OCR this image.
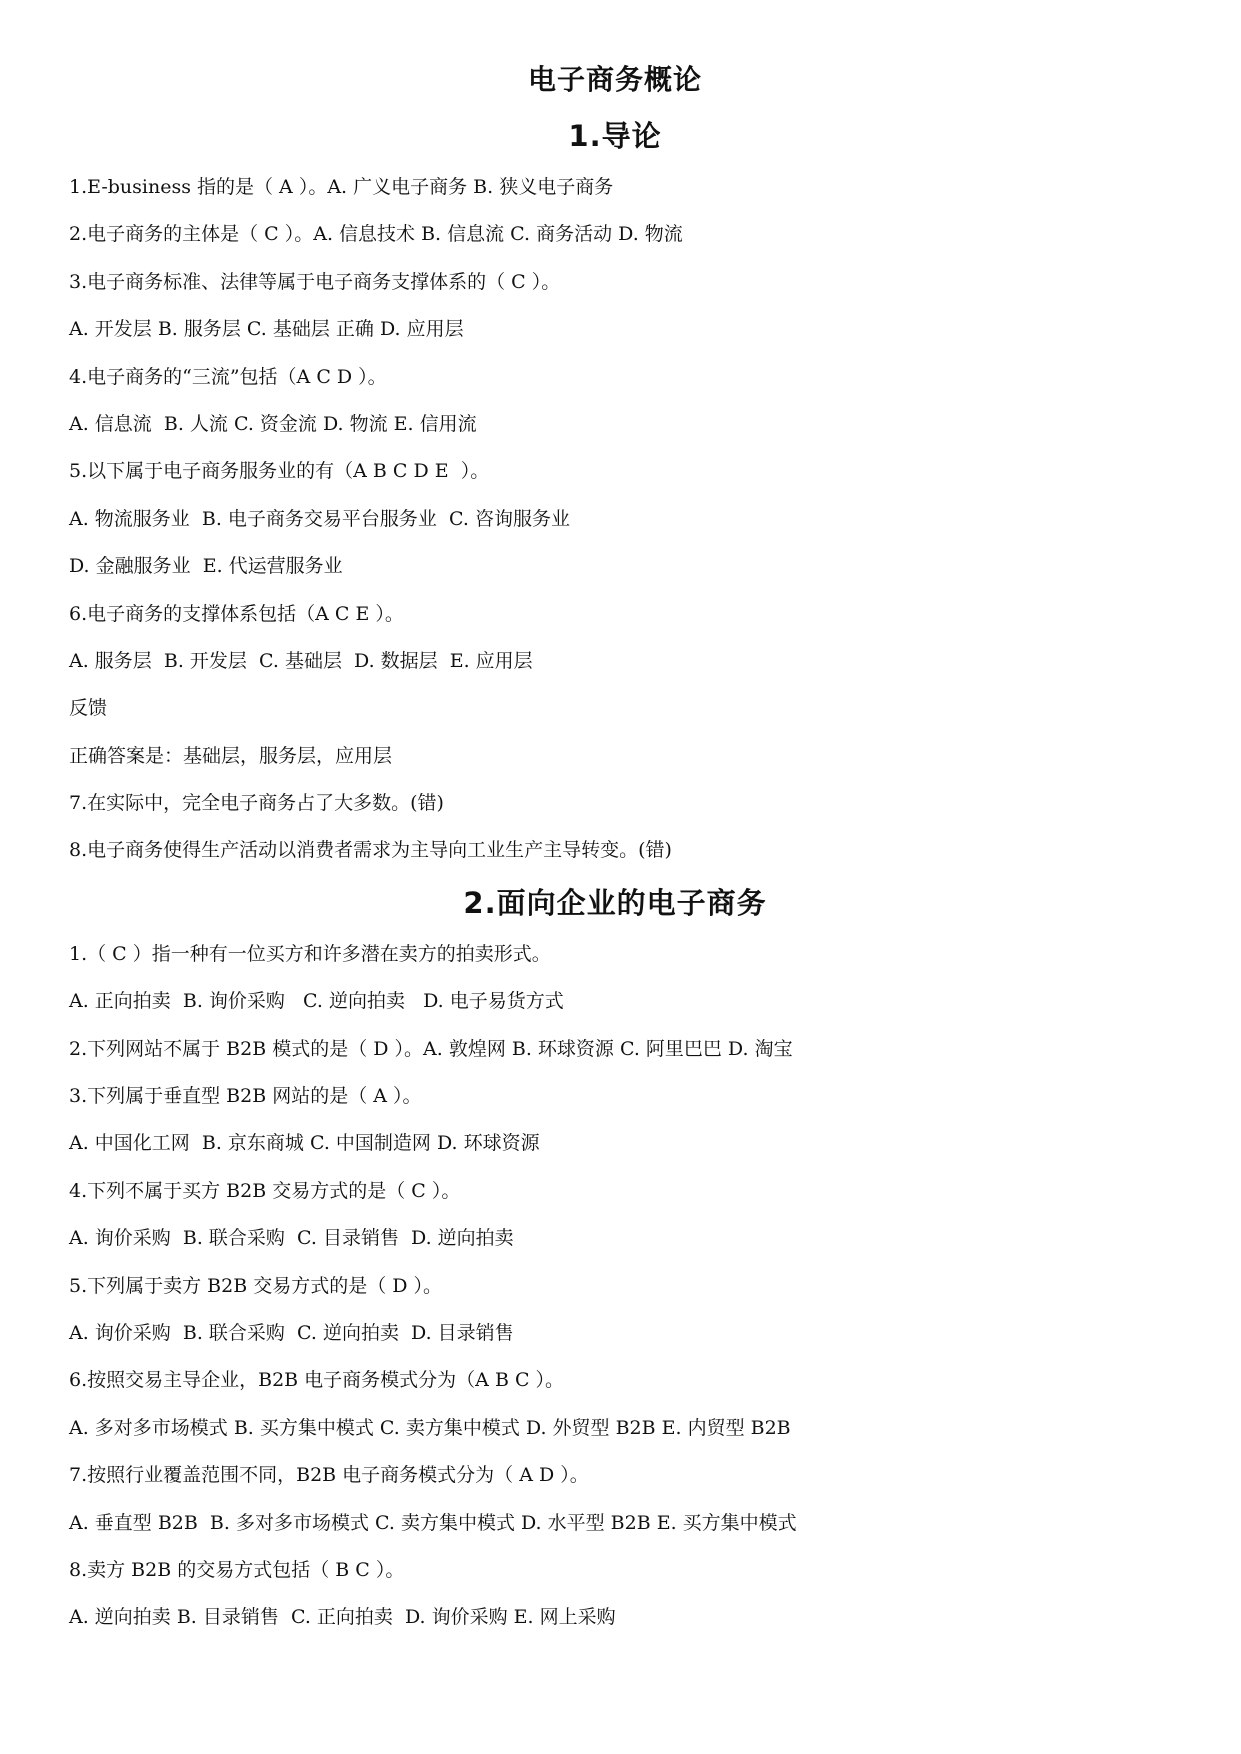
电子商务概论
1.导论

1.E-business 指的是（ A ）。A. 广义电子商务 B. 狭义电子商务

2.电子商务的主体是（ C ）。A. 信息技术 B. 信息流 C. 商务活动 D. 物流

3.电子商务标准、法律等属于电子商务支撑体系的（ C ）。

A. 开发层 B. 服务层 C. 基础层 正确 D. 应用层

4.电子商务的“三流”包括（A C D ）。

A. 信息流  B. 人流 C. 资金流 D. 物流 E. 信用流

5.以下属于电子商务服务业的有（A B C D E  ）。

A. 物流服务业  B. 电子商务交易平台服务业  C. 咨询服务业

D. 金融服务业  E. 代运营服务业

6.电子商务的支撑体系包括（A C E ）。

A. 服务层  B. 开发层  C. 基础层  D. 数据层  E. 应用层

反馈

正确答案是：基础层，服务层，应用层

7.在实际中，完全电子商务占了大多数。(错)

8.电子商务使得生产活动以消费者需求为主导向工业生产主导转变。(错)

2.面向企业的电子商务

1.（ C ）指一种有一位买方和许多潜在卖方的拍卖形式。

A. 正向拍卖  B. 询价采购   C. 逆向拍卖   D. 电子易货方式

2.下列网站不属于 B2B 模式的是（ D ）。A. 敦煌网 B. 环球资源 C. 阿里巴巴 D. 淘宝

3.下列属于垂直型 B2B 网站的是（ A ）。

A. 中国化工网  B. 京东商城 C. 中国制造网 D. 环球资源

4.下列不属于买方 B2B 交易方式的是（ C ）。

A. 询价采购  B. 联合采购  C. 目录销售  D. 逆向拍卖

5.下列属于卖方 B2B 交易方式的是（ D ）。

A. 询价采购  B. 联合采购  C. 逆向拍卖  D. 目录销售

6.按照交易主导企业，B2B 电子商务模式分为（A B C ）。

A. 多对多市场模式 B. 买方集中模式 C. 卖方集中模式 D. 外贸型 B2B E. 内贸型 B2B

7.按照行业覆盖范围不同，B2B 电子商务模式分为（ A D ）。

A. 垂直型 B2B  B. 多对多市场模式 C. 卖方集中模式 D. 水平型 B2B E. 买方集中模式

8.卖方 B2B 的交易方式包括（ B C ）。

A. 逆向拍卖 B. 目录销售  C. 正向拍卖  D. 询价采购 E. 网上采购
